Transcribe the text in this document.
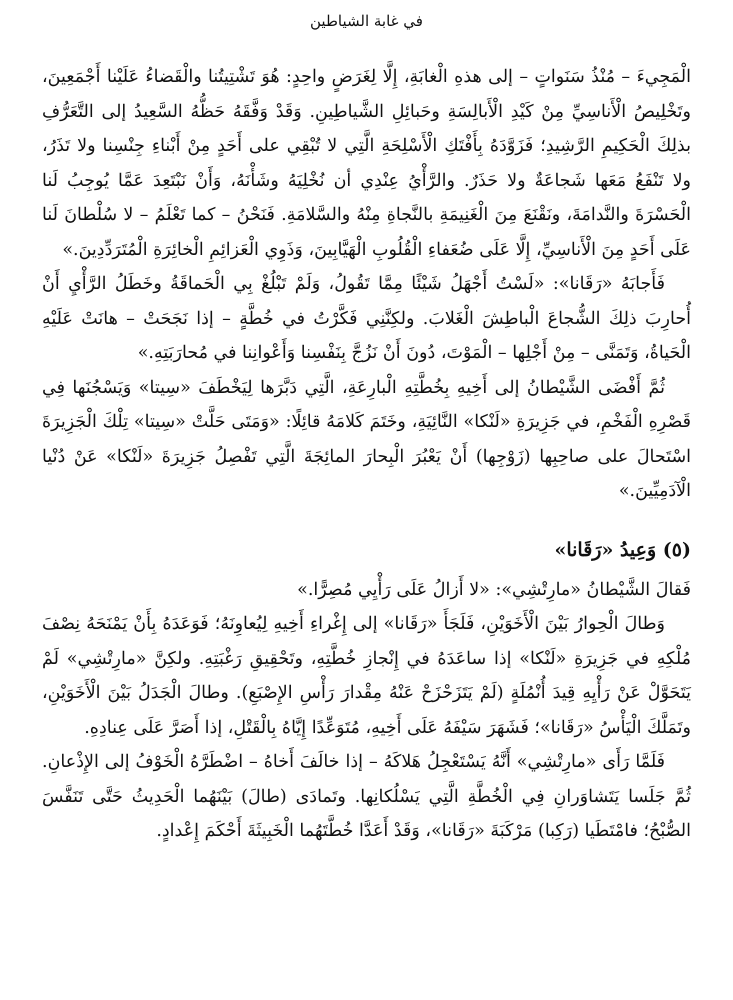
في غابة الشياطين

الْمَجِيءَ – مُنْذُ سَنَواتٍ – إلى هذهِ الْغابَةِ، إِلَّا لِغَرَضٍ واحِدٍ: هُوَ تَشْتِيتُنا والْقَضاءُ عَلَيْنا أَجْمَعِينَ، وتَخْلِيصُ الْأَناسِيِّ مِنْ كَيْدِ الْأَبالِسَةِ وحَبائِلِ الشَّياطِينِ. وَقَدْ وَفَّقَهُ حَظُّهُ السَّعِيدُ إلى التَّعَرُّفِ بذلِكَ الْحَكِيمِ الرَّشِيدِ؛ فَزَوَّدَهُ بِأَفْتَكِ الْأَسْلِحَةِ الَّتِي لا تُبْقِي على أَحَدٍ مِنْ أَبْناءِ جِنْسِنا ولا تَذَرُ، ولا تَنْفَعُ مَعَها شَجاعَةٌ ولا حَذَرٌ. والرَّأْيُ عِنْدِي أن نُخْلِيَهُ وشَأْنَهُ، وَأَنْ نَبْتَعِدَ عَمَّا يُوجِبُ لَنا الْحَسْرَةَ والنَّدامَةَ، ونَقْنَعَ مِنَ الْغَنِيمَةِ بالنَّجاةِ مِنْهُ والسَّلامَةِ. فَنَحْنُ – كما تَعْلَمُ – لا سُلْطانَ لَنا عَلَى أَحَدٍ مِنَ الْأَناسِيِّ، إِلَّا عَلَى ضُعَفاءِ الْقُلُوبِ الْهَيَّابِينَ، وَذَوِي الْعَزائِمِ الْخائِرَةِ الْمُتَرَدِّدِينَ.»

فَأَجابَهُ «رَقَانا»: «لَسْتُ أَجْهَلُ شَيْئًا مِمَّا تَقُولُ، وَلَمْ تَبْلُغْ بِي الْحَماقَةُ وخَطَلُ الرَّأْيِ أَنْ أُحارِبَ ذلِكَ الشُّجاعَ الْباطِشَ الْغَلابَ. ولكِنَّنِي فَكَّرْتُ في خُطَّةٍ – إذا نَجَحَتْ – هانَتْ عَلَيْهِ الْحَياةُ، وَتَمَنَّى – مِنْ أَجْلِها – الْمَوْتَ، دُونَ أَنْ نَزُجَّ بِنَفْسِنا وَأَعْوانِنا في مُحارَبَتِهِ.»

ثُمَّ أَفْضَى الشَّيْطانُ إلى أَخِيهِ بِخُطَّتِهِ الْبارِعَةِ، الَّتِي دَبَّرَها لِيَخْطَفَ «سِيتا» وَيَسْجُنَها فِي قَصْرِهِ الْفَخْمِ، في جَزِيرَةِ «لَنْكا» النَّائِيَةِ، وخَتَمَ كَلامَهُ قائِلًا: «وَمَتَى حَلَّتْ «سِيتا» تِلْكَ الْجَزِيرَةَ اسْتَحالَ على صاحِبِها (زَوْجِها) أَنْ يَعْبُرَ الْبِحارَ المائِجَةَ الَّتِي تَفْصِلُ جَزِيرَةَ «لَنْكا» عَنْ دُنْيا الْآدَمِيِّينَ.»

(٥) وَعِيدُ «رَقَانا»

فَقالَ الشَّيْطانُ «مارِتْشِي»: «لا أَزالُ عَلَى رَأْيِي مُصِرًّا.»

وَطالَ الْحِوارُ بَيْنَ الْأَخَوَيْنِ، فَلَجَأَ «رَقَانا» إلى إِغْراءِ أَخِيهِ لِيُعاوِنَهُ؛ فَوَعَدَهُ بِأَنْ يَمْنَحَهُ نِصْفَ مُلْكِهِ في جَزِيرَةِ «لَنْكا» إذا ساعَدَهُ في إِنْجازِ خُطَّتِهِ، وتَحْقِيقِ رَغْبَتِهِ. ولكِنَّ «مارِتْشِي» لَمْ يَتَحَوَّلْ عَنْ رَأْيِهِ قِيدَ أُنْمُلَةٍ (لَمْ يَتَزَحْزَحْ عَنْهُ مِقْدارَ رَأْسِ الإِصْبَعِ). وطالَ الْجَدَلُ بَيْنَ الْأَخَوَيْنِ، وتَمَلَّكَ الْيَأْسُ «رَقَانا»؛ فَشَهَرَ سَيْفَهُ عَلَى أَخِيهِ، مُتَوَعِّدًا إِيَّاهُ بِالْقَتْلِ، إذا أَصَرَّ عَلَى عِنادِهِ.

فَلَمَّا رَأَى «مارِتْشِي» أَنَّهُ يَسْتَعْجِلُ هَلاكَهُ – إذا خالَفَ أَخاهُ – اضْطَرَّهُ الْخَوْفُ إلى الإِذْعانِ. ثُمَّ جَلَسا يَتَشاوَرانِ فِي الْخُطَّةِ الَّتِي يَسْلُكانِها. وتَمادَى (طالَ) بَيْنَهُما الْحَدِيثُ حَتَّى تَنَفَّسَ الصُّبْحُ؛ فامْتَطَيا (رَكِبا) مَرْكَبَةَ «رَقَانا»، وَقَدْ أَعَدَّا خُطَّتَهُما الْخَبِيثَةَ أَحْكَمَ إِعْدادٍ.
